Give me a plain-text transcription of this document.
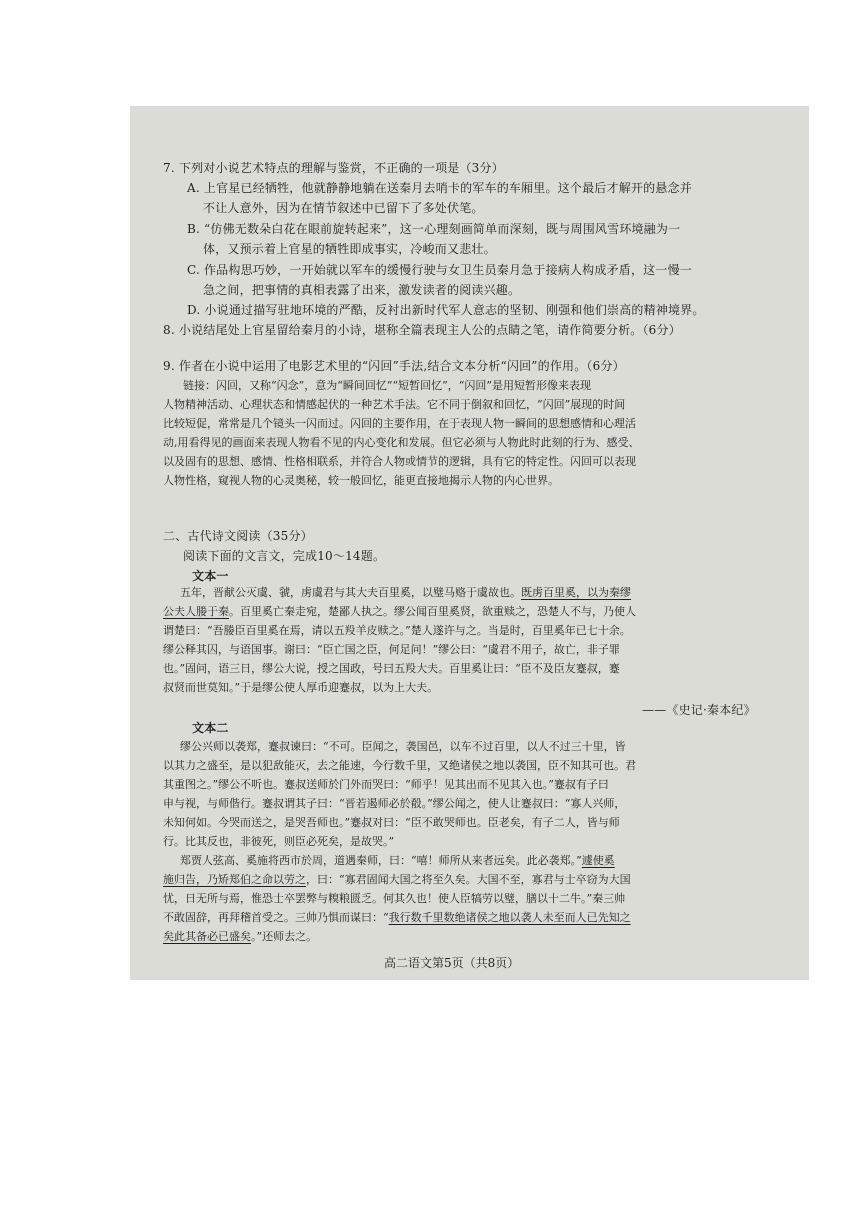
7. 下列对小说艺术特点的理解与鉴赏，不正确的一项是（3分）

A. 上官星已经牺牲，他就静静地躺在送秦月去哨卡的军车的车厢里。这个最后才解开的悬念并

不让人意外，因为在情节叙述中已留下了多处伏笔。

B. “仿佛无数朵白花在眼前旋转起来”，这一心理刻画简单而深刻，既与周围风雪环境融为一

体，又预示着上官星的牺牲即成事实，冷峻而又悲壮。

C. 作品构思巧妙，一开始就以军车的缓慢行驶与女卫生员秦月急于接病人构成矛盾，这一慢一

急之间，把事情的真相表露了出来，激发读者的阅读兴趣。

D. 小说通过描写驻地环境的严酷，反衬出新时代军人意志的坚韧、刚强和他们崇高的精神境界。

8. 小说结尾处上官星留给秦月的小诗，堪称全篇表现主人公的点睛之笔，请作简要分析。（6分）

9. 作者在小说中运用了电影艺术里的“闪回”手法,结合文本分析“闪回”的作用。（6分）

链接：闪回，又称“闪念”，意为“瞬间回忆”“短暂回忆”，“闪回”是用短暂形像来表现

人物精神活动、心理状态和情感起伏的一种艺术手法。它不同于倒叙和回忆，“闪回”展现的时间

比较短促，常常是几个镜头一闪而过。闪回的主要作用，在于表现人物一瞬间的思想感情和心理活

动,用看得见的画面来表现人物看不见的内心变化和发展。但它必须与人物此时此刻的行为、感受、

以及固有的思想、感情、性格相联系，并符合人物或情节的逻辑，具有它的特定性。闪回可以表现

人物性格，窥视人物的心灵奥秘，较一般回忆，能更直接地揭示人物的内心世界。

二、古代诗文阅读（35分）

阅读下面的文言文，完成10～14题。

文本一

五年，晋献公灭虞、虢，虏虞君与其大夫百里奚，以璧马赂于虞故也。既虏百里奚，以为秦缪

公夫人媵于秦。百里奚亡秦走宛，楚鄙人执之。缪公闻百里奚贤，欲重赎之，恐楚人不与，乃使人

谓楚曰：“吾媵臣百里奚在焉，请以五羖羊皮赎之。”楚人遂许与之。当是时，百里奚年已七十余。

缪公释其囚，与语国事。谢曰：“臣亡国之臣，何足问！”缪公曰：“虞君不用子，故亡，非子罪

也。”固问，语三日，缪公大说，授之国政，号曰五羖大夫。百里奚让曰：“臣不及臣友蹇叔，蹇

叔贤而世莫知。”于是缪公使人厚币迎蹇叔，以为上大夫。

——《史记·秦本纪》

文本二

缪公兴师以袭郑，蹇叔谏曰：“不可。臣闻之，袭国邑，以车不过百里，以人不过三十里，皆

以其力之盛至，是以犯敌能灭，去之能速，今行数千里，又绝诸侯之地以袭国，臣不知其可也。君

其重图之。”缪公不听也。蹇叔送师於门外而哭曰：“师乎！见其出而不见其入也。”蹇叔有子曰

申与视，与师偕行。蹇叔谓其子曰：“晋若遏师必於殽。”缪公闻之，使人让蹇叔曰：“寡人兴师，

未知何如。今哭而送之，是哭吾师也。”蹇叔对曰：“臣不敢哭师也。臣老矣，有子二人，皆与师

行。比其反也，非彼死，则臣必死矣，是故哭。”

郑贾人弦高、奚施将西市於周，道遇秦师，曰：“嘻！师所从来者远矣。此必袭郑。”遽使奚

施归告，乃矫郑伯之命以劳之，曰：“寡君固闻大国之将至久矣。大国不至，寡君与士卒窃为大国

忧，日无所与焉，惟恐士卒罢弊与糗粮匮乏。何其久也！使人臣犒劳以璧，膳以十二牛。”秦三帅

不敢固辞，再拜稽首受之。三帅乃惧而谋曰：“我行数千里数绝诸侯之地以袭人未至而人已先知之

矣此其备必已盛矣。”还师去之。

高二语文第5页（共8页）
